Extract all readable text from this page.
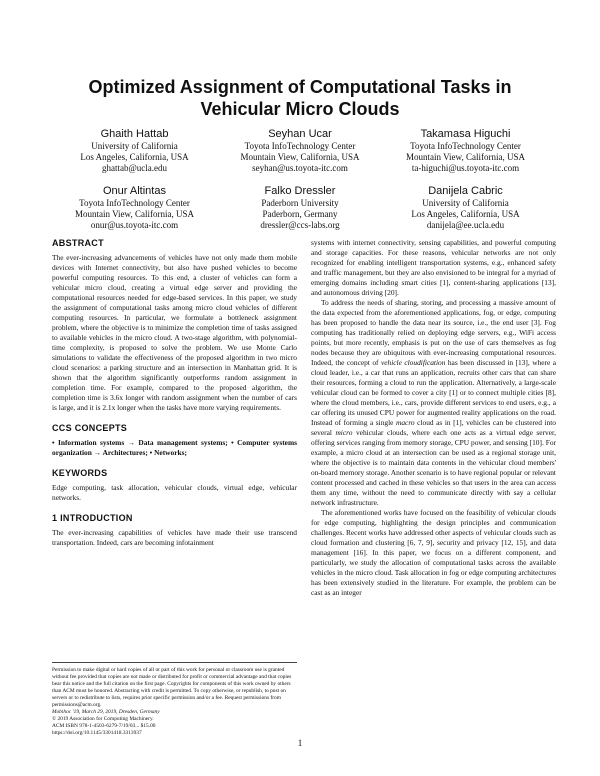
Optimized Assignment of Computational Tasks in
Vehicular Micro Clouds
Ghaith Hattab
University of California
Los Angeles, California, USA
ghattab@ucla.edu
Seyhan Ucar
Toyota InfoTechnology Center
Mountain View, California, USA
seyhan@us.toyota-itc.com
Takamasa Higuchi
Toyota InfoTechnology Center
Mountain View, California, USA
ta-higuchi@us.toyota-itc.com
Onur Altintas
Toyota InfoTechnology Center
Mountain View, California, USA
onur@us.toyota-itc.com
Falko Dressler
Paderborn University
Paderborn, Germany
dressler@ccs-labs.org
Danijela Cabric
University of California
Los Angeles, California, USA
danijela@ee.ucla.edu
ABSTRACT

The ever-increasing advancements of vehicles have not only made them mobile devices with Internet connectivity, but also have pushed vehicles to become powerful computing resources. To this end, a cluster of vehicles can form a vehicular micro cloud, creating a virtual edge server and providing the computational resources needed for edge-based services. In this paper, we study the assignment of computational tasks among micro cloud vehicles of different computing resources. In particular, we formulate a bottleneck assignment problem, where the objective is to minimize the completion time of tasks assigned to available vehicles in the micro cloud. A two-stage algorithm, with polynomial-time complexity, is proposed to solve the problem. We use Monte Carlo simulations to validate the effectiveness of the proposed algorithm in two micro cloud scenarios: a parking structure and an intersection in Manhattan grid. It is shown that the algorithm significantly outperforms random assignment in completion time. For example, compared to the proposed algorithm, the completion time is 3.6x longer with random assignment when the number of cars is large, and it is 2.1x longer when the tasks have more varying requirements.

CCS CONCEPTS

• Information systems → Data management systems; • Computer systems organization → Architectures; • Networks;

KEYWORDS

Edge computing, task allocation, vehicular clouds, virtual edge, vehicular networks.

1 INTRODUCTION

The ever-increasing capabilities of vehicles have made their use transcend transportation. Indeed, cars are becoming infotainment

Permission to make digital or hard copies of all or part of this work for personal or classroom use is granted without fee provided that copies are not made or distributed for profit or commercial advantage and that copies bear this notice and the full citation on the first page. Copyrights for components of this work owned by others than ACM must be honored. Abstracting with credit is permitted. To copy otherwise, or republish, to post on servers or to redistribute to lists, requires prior specific permission and/or a fee. Request permissions from permissions@acm.org.

Mobihoc '19, March 29, 2019, Dresden, Germany

© 2019 Association for Computing Machinery.

ACM ISBN 978-1-4503-6279-7/19/03... $15.00

https://doi.org/10.1145/3301418.3313937

systems with internet connectivity, sensing capabilities, and powerful computing and storage capacities. For these reasons, vehicular networks are not only recognized for enabling intelligent transportation systems, e.g., enhanced safety and traffic management, but they are also envisioned to be integral for a myriad of emerging domains including smart cities [1], content-sharing applications [13], and autonomous driving [20].

To address the needs of sharing, storing, and processing a massive amount of the data expected from the aforementioned applications, fog, or edge, computing has been proposed to handle the data near its source, i.e., the end user [3]. Fog computing has traditionally relied on deploying edge servers, e.g., WiFi access points, but more recently, emphasis is put on the use of cars themselves as fog nodes because they are ubiquitous with ever-increasing computational resources. Indeed, the concept of vehicle cloudification has been discussed in [13], where a cloud leader, i.e., a car that runs an application, recruits other cars that can share their resources, forming a cloud to run the application. Alternatively, a large-scale vehicular cloud can be formed to cover a city [1] or to connect multiple cities [8], where the cloud members, i.e., cars, provide different services to end users, e.g., a car offering its unused CPU power for augmented reality applications on the road. Instead of forming a single macro cloud as in [1], vehicles can be clustered into several micro vehicular clouds, where each one acts as a virtual edge server, offering services ranging from memory storage, CPU power, and sensing [10]. For example, a micro cloud at an intersection can be used as a regional storage unit, where the objective is to maintain data contents in the vehicular cloud members' on-board memory storage. Another scenario is to have regional popular or relevant content processed and cached in these vehicles so that users in the area can access them any time, without the need to communicate directly with say a cellular network infrastructure.

The aforementioned works have focused on the feasibility of vehicular clouds for edge computing, highlighting the design principles and communication challenges. Recent works have addressed other aspects of vehicular clouds such as cloud formation and clustering [6, 7, 9], security and privacy [12, 15], and data management [16]. In this paper, we focus on a different component, and particularly, we study the allocation of computational tasks across the available vehicles in the micro cloud. Task allocation in fog or edge computing architectures has been extensively studied in the literature. For example, the problem can be cast as an integer

1
